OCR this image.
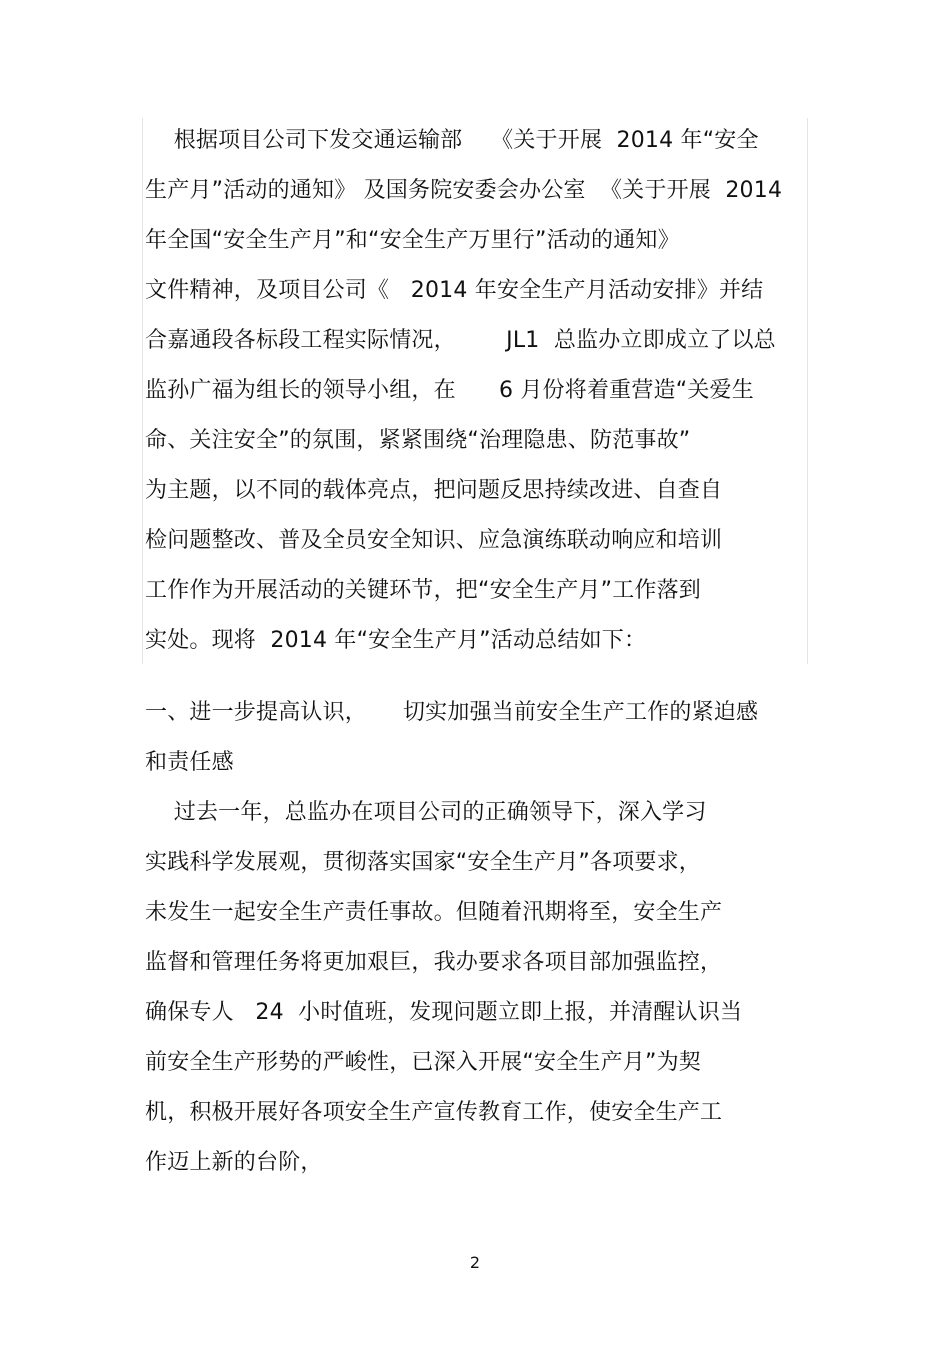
根据项目公司下发交通运输部    《关于开展  2014 年“安全
生产月”活动的通知》 及国务院安委会办公室  《关于开展  2014
年全国“安全生产月”和“安全生产万里行”活动的通知》
文件精神，及项目公司《   2014 年安全生产月活动安排》并结
合嘉通段各标段工程实际情况，       JL1  总监办立即成立了以总
监孙广福为组长的领导小组，在      6 月份将着重营造“关爱生
命、关注安全”的氛围，紧紧围绕“治理隐患、防范事故”
为主题，以不同的载体亮点，把问题反思持续改进、自查自
检问题整改、普及全员安全知识、应急演练联动响应和培训
工作作为开展活动的关键环节，把“安全生产月”工作落到
实处。现将  2014 年“安全生产月”活动总结如下：
一、进一步提高认识，     切实加强当前安全生产工作的紧迫感
和责任感
过去一年，总监办在项目公司的正确领导下，深入学习
实践科学发展观，贯彻落实国家“安全生产月”各项要求，
未发生一起安全生产责任事故。但随着汛期将至，安全生产
监督和管理任务将更加艰巨，我办要求各项目部加强监控，
确保专人   24  小时值班，发现问题立即上报，并清醒认识当
前安全生产形势的严峻性，已深入开展“安全生产月”为契
机，积极开展好各项安全生产宣传教育工作，使安全生产工
作迈上新的台阶，
2
